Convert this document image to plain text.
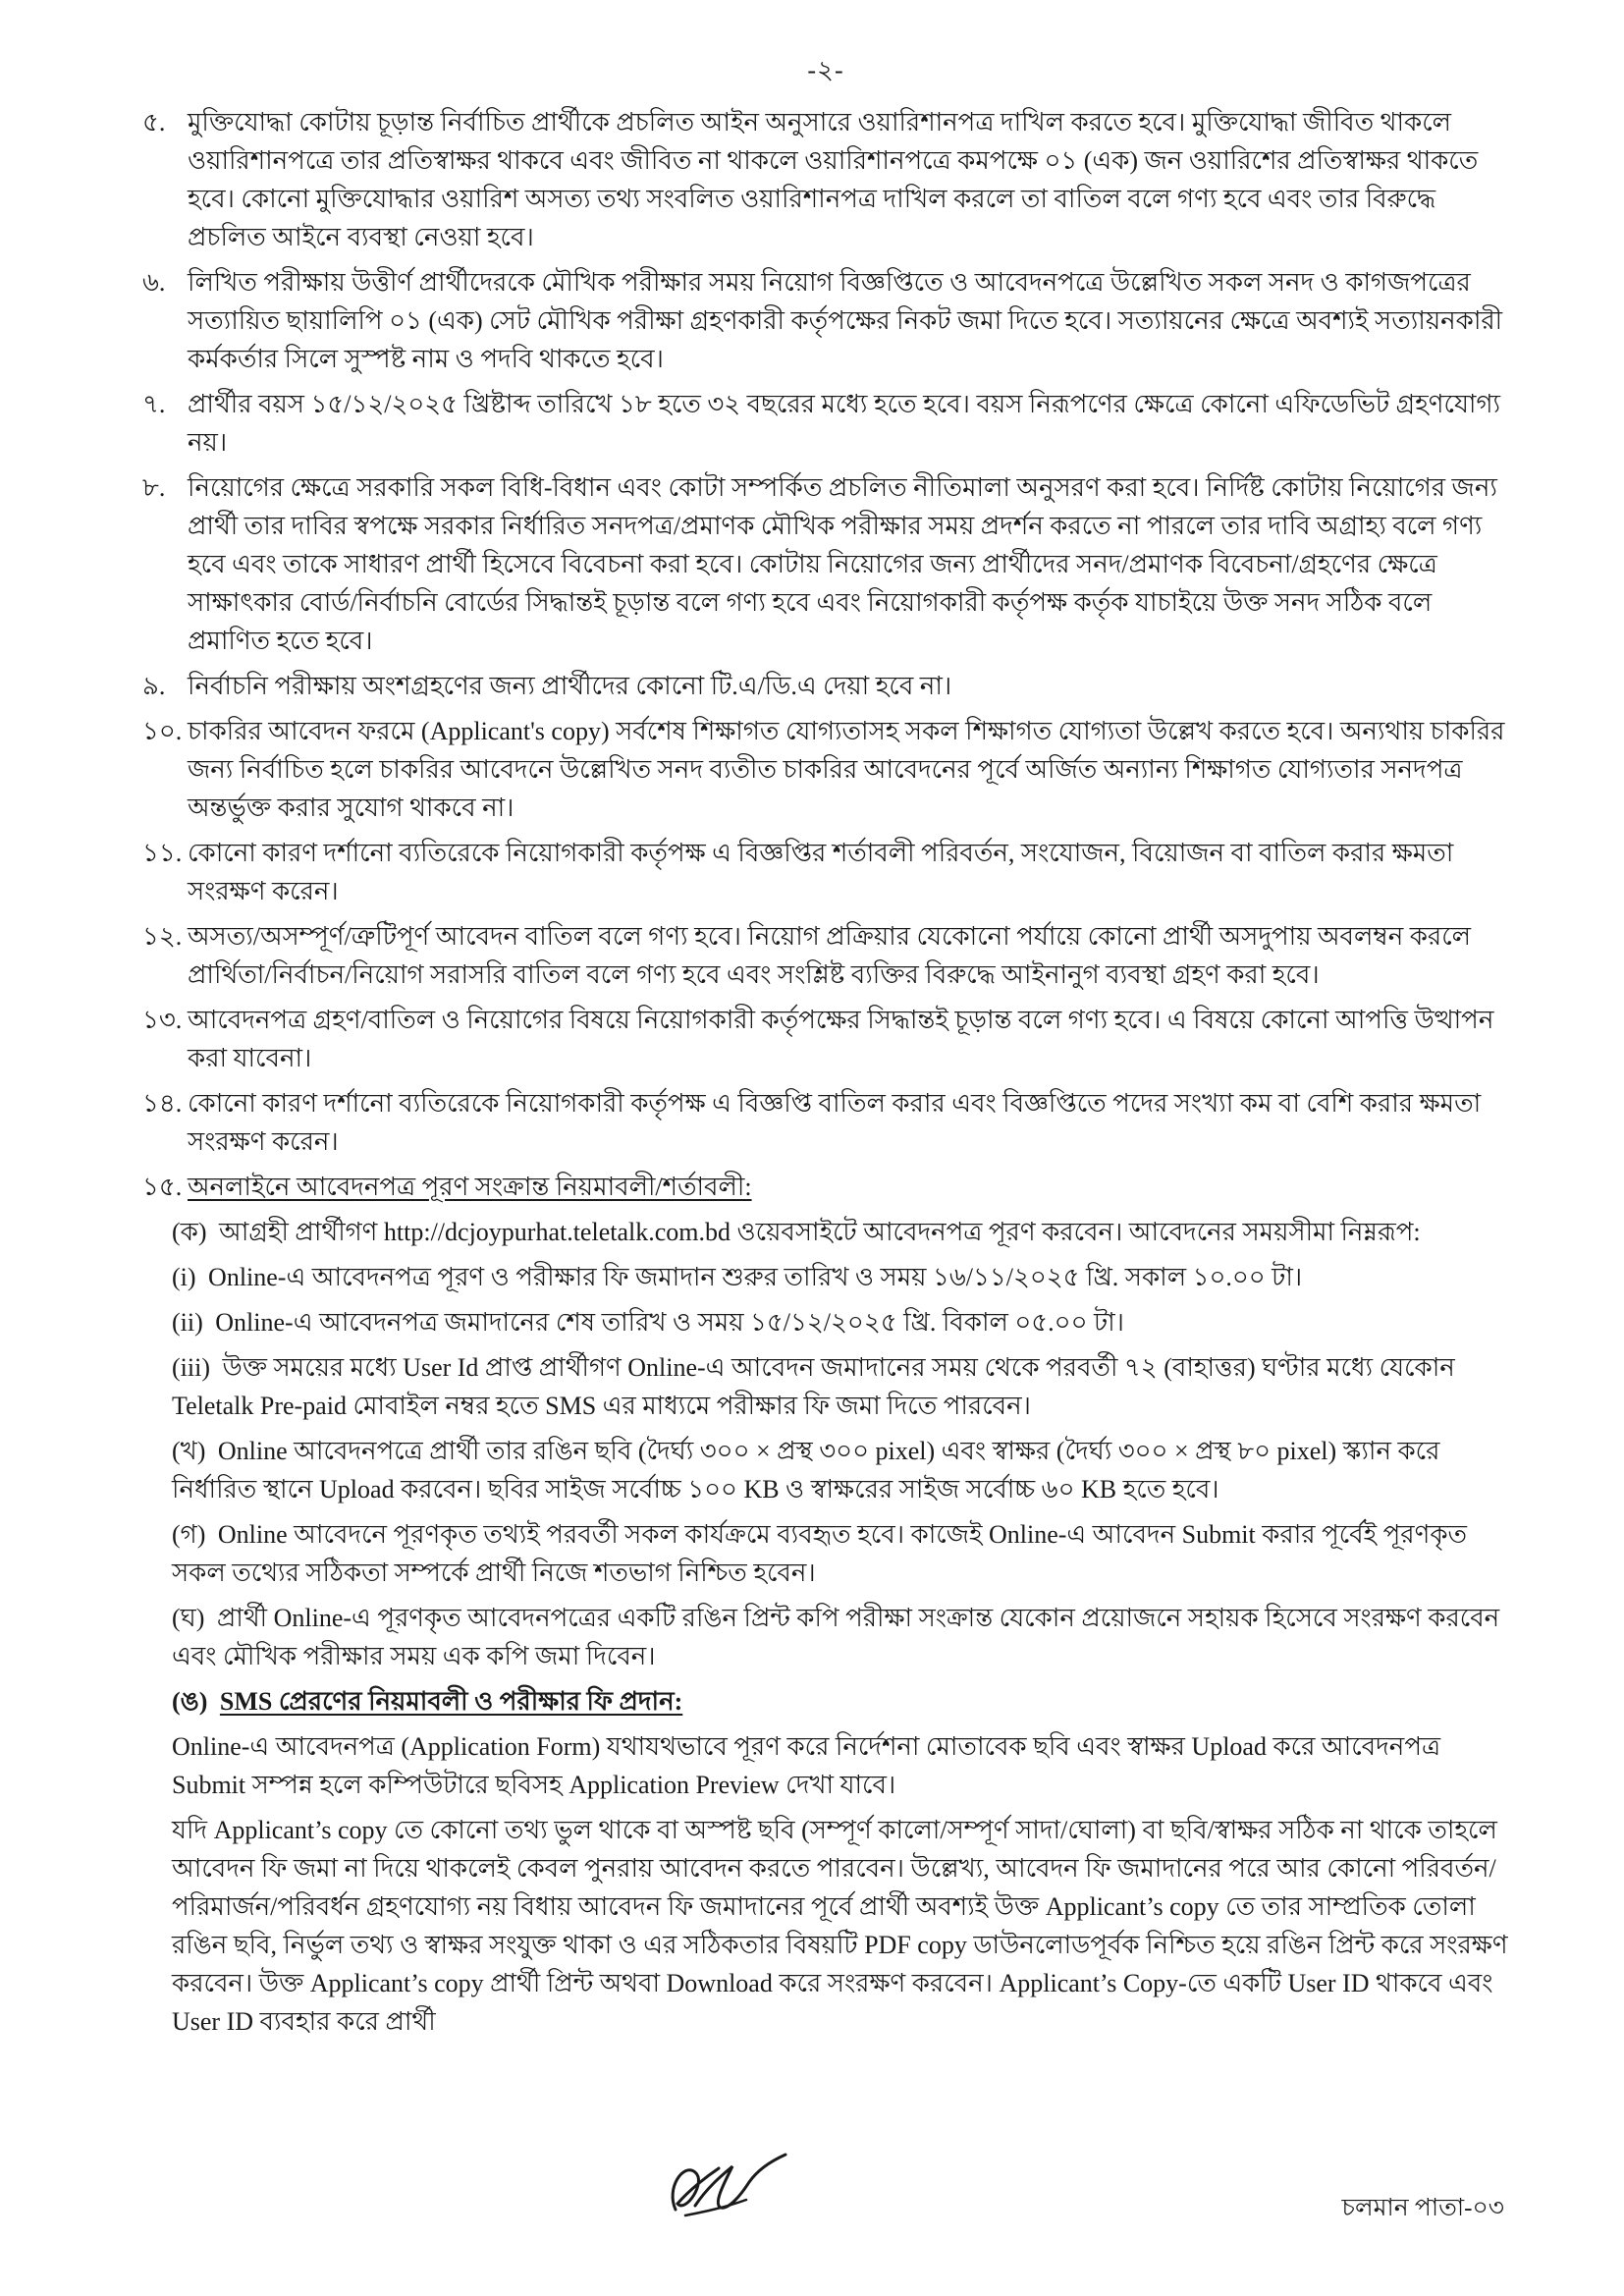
-২-
৫. মুক্তিযোদ্ধা কোটায় চূড়ান্ত নির্বাচিত প্রার্থীকে প্রচলিত আইন অনুসারে ওয়ারিশানপত্র দাখিল করতে হবে। মুক্তিযোদ্ধা জীবিত থাকলে ওয়ারিশানপত্রে তার প্রতিস্বাক্ষর থাকবে এবং জীবিত না থাকলে ওয়ারিশানপত্রে কমপক্ষে ০১ (এক) জন ওয়ারিশের প্রতিস্বাক্ষর থাকতে হবে। কোনো মুক্তিযোদ্ধার ওয়ারিশ অসত্য তথ্য সংবলিত ওয়ারিশানপত্র দাখিল করলে তা বাতিল বলে গণ্য হবে এবং তার বিরুদ্ধে প্রচলিত আইনে ব্যবস্থা নেওয়া হবে।
৬. লিখিত পরীক্ষায় উত্তীর্ণ প্রার্থীদেরকে মৌখিক পরীক্ষার সময় নিয়োগ বিজ্ঞপ্তিতে ও আবেদনপত্রে উল্লেখিত সকল সনদ ও কাগজপত্রের সত্যায়িত ছায়ালিপি ০১ (এক) সেট মৌখিক পরীক্ষা গ্রহণকারী কর্তৃপক্ষের নিকট জমা দিতে হবে। সত্যায়নের ক্ষেত্রে অবশ্যই সত্যায়নকারী কর্মকর্তার সিলে সুস্পষ্ট নাম ও পদবি থাকতে হবে।
৭. প্রার্থীর বয়স ১৫/১২/২০২৫ খ্রিষ্টাব্দ তারিখে ১৮ হতে ৩২ বছরের মধ্যে হতে হবে। বয়স নিরূপণের ক্ষেত্রে কোনো এফিডেভিট গ্রহণযোগ্য নয়।
৮. নিয়োগের ক্ষেত্রে সরকারি সকল বিধি-বিধান এবং কোটা সম্পর্কিত প্রচলিত নীতিমালা অনুসরণ করা হবে। নির্দিষ্ট কোটায় নিয়োগের জন্য প্রার্থী তার দাবির স্বপক্ষে সরকার নির্ধারিত সনদপত্র/প্রমাণক মৌখিক পরীক্ষার সময় প্রদর্শন করতে না পারলে তার দাবি অগ্রাহ্য বলে গণ্য হবে এবং তাকে সাধারণ প্রার্থী হিসেবে বিবেচনা করা হবে। কোটায় নিয়োগের জন্য প্রার্থীদের সনদ/প্রমাণক বিবেচনা/গ্রহণের ক্ষেত্রে সাক্ষাৎকার বোর্ড/নির্বাচনি বোর্ডের সিদ্ধান্তই চূড়ান্ত বলে গণ্য হবে এবং নিয়োগকারী কর্তৃপক্ষ কর্তৃক যাচাইয়ে উক্ত সনদ সঠিক বলে প্রমাণিত হতে হবে।
৯. নির্বাচনি পরীক্ষায় অংশগ্রহণের জন্য প্রার্থীদের কোনো টি.এ/ডি.এ দেয়া হবে না।
১০. চাকরির আবেদন ফরমে (Applicant's copy) সর্বশেষ শিক্ষাগত যোগ্যতাসহ সকল শিক্ষাগত যোগ্যতা উল্লেখ করতে হবে। অন্যথায় চাকরির জন্য নির্বাচিত হলে চাকরির আবেদনে উল্লেখিত সনদ ব্যতীত চাকরির আবেদনের পূর্বে অর্জিত অন্যান্য শিক্ষাগত যোগ্যতার সনদপত্র অন্তর্ভুক্ত করার সুযোগ থাকবে না।
১১. কোনো কারণ দর্শানো ব্যতিরেকে নিয়োগকারী কর্তৃপক্ষ এ বিজ্ঞপ্তির শর্তাবলী পরিবর্তন, সংযোজন, বিয়োজন বা বাতিল করার ক্ষমতা সংরক্ষণ করেন।
১২. অসত্য/অসম্পূর্ণ/ত্রুটিপূর্ণ আবেদন বাতিল বলে গণ্য হবে। নিয়োগ প্রক্রিয়ার যেকোনো পর্যায়ে কোনো প্রার্থী অসদুপায় অবলম্বন করলে প্রার্থিতা/নির্বাচন/নিয়োগ সরাসরি বাতিল বলে গণ্য হবে এবং সংশ্লিষ্ট ব্যক্তির বিরুদ্ধে আইনানুগ ব্যবস্থা গ্রহণ করা হবে।
১৩. আবেদনপত্র গ্রহণ/বাতিল ও নিয়োগের বিষয়ে নিয়োগকারী কর্তৃপক্ষের সিদ্ধান্তই চূড়ান্ত বলে গণ্য হবে। এ বিষয়ে কোনো আপত্তি উত্থাপন করা যাবেনা।
১৪. কোনো কারণ দর্শানো ব্যতিরেকে নিয়োগকারী কর্তৃপক্ষ এ বিজ্ঞপ্তি বাতিল করার এবং বিজ্ঞপ্তিতে পদের সংখ্যা কম বা বেশি করার ক্ষমতা সংরক্ষণ করেন।
১৫. অনলাইনে আবেদনপত্র পূরণ সংক্রান্ত নিয়মাবলী/শর্তাবলী:
(ক) আগ্রহী প্রার্থীগণ http://dcjoypurhat.teletalk.com.bd ওয়েবসাইটে আবেদনপত্র পূরণ করবেন। আবেদনের সময়সীমা নিম্নরূপ:
(i) Online-এ আবেদনপত্র পূরণ ও পরীক্ষার ফি জমাদান শুরুর তারিখ ও সময় ১৬/১১/২০২৫ খ্রি. সকাল ১০.০০ টা।
(ii) Online-এ আবেদনপত্র জমাদানের শেষ তারিখ ও সময় ১৫/১২/২০২৫ খ্রি. বিকাল ০৫.০০ টা।
(iii) উক্ত সময়ের মধ্যে User Id প্রাপ্ত প্রার্থীগণ Online-এ আবেদন জমাদানের সময় থেকে পরবর্তী ৭২ (বাহাত্তর) ঘণ্টার মধ্যে যেকোন Teletalk Pre-paid মোবাইল নম্বর হতে SMS এর মাধ্যমে পরীক্ষার ফি জমা দিতে পারবেন।
(খ) Online আবেদনপত্রে প্রার্থী তার রঙিন ছবি (দৈর্ঘ্য ৩০০ × প্রস্থ ৩০০ pixel) এবং স্বাক্ষর (দৈর্ঘ্য ৩০০ × প্রস্থ ৮০ pixel) স্ক্যান করে নির্ধারিত স্থানে Upload করবেন। ছবির সাইজ সর্বোচ্চ ১০০ KB ও স্বাক্ষরের সাইজ সর্বোচ্চ ৬০ KB হতে হবে।
(গ) Online আবেদনে পূরণকৃত তথ্যই পরবর্তী সকল কার্যক্রমে ব্যবহৃত হবে। কাজেই Online-এ আবেদন Submit করার পূর্বেই পূরণকৃত সকল তথ্যের সঠিকতা সম্পর্কে প্রার্থী নিজে শতভাগ নিশ্চিত হবেন।
(ঘ) প্রার্থী Online-এ পূরণকৃত আবেদনপত্রের একটি রঙিন প্রিন্ট কপি পরীক্ষা সংক্রান্ত যেকোন প্রয়োজনে সহায়ক হিসেবে সংরক্ষণ করবেন এবং মৌখিক পরীক্ষার সময় এক কপি জমা দিবেন।
(ঙ) SMS প্রেরণের নিয়মাবলী ও পরীক্ষার ফি প্রদান:
Online-এ আবেদনপত্র (Application Form) যথাযথভাবে পূরণ করে নির্দেশনা মোতাবেক ছবি এবং স্বাক্ষর Upload করে আবেদনপত্র Submit সম্পন্ন হলে কম্পিউটারে ছবিসহ Application Preview দেখা যাবে।
যদি Applicant’s copy তে কোনো তথ্য ভুল থাকে বা অস্পষ্ট ছবি (সম্পূর্ণ কালো/সম্পূর্ণ সাদা/ঘোলা) বা ছবি/স্বাক্ষর সঠিক না থাকে তাহলে আবেদন ফি জমা না দিয়ে থাকলেই কেবল পুনরায় আবেদন করতে পারবেন। উল্লেখ্য, আবেদন ফি জমাদানের পরে আর কোনো পরিবর্তন/পরিমার্জন/পরিবর্ধন গ্রহণযোগ্য নয় বিধায় আবেদন ফি জমাদানের পূর্বে প্রার্থী অবশ্যই উক্ত Applicant’s copy তে তার সাম্প্রতিক তোলা রঙিন ছবি, নির্ভুল তথ্য ও স্বাক্ষর সংযুক্ত থাকা ও এর সঠিকতার বিষয়টি PDF copy ডাউনলোডপূর্বক নিশ্চিত হয়ে রঙিন প্রিন্ট করে সংরক্ষণ করবেন। উক্ত Applicant’s copy প্রার্থী প্রিন্ট অথবা Download করে সংরক্ষণ করবেন। Applicant’s Copy-তে একটি User ID থাকবে এবং User ID ব্যবহার করে প্রার্থী
চলমান পাতা-০৩
